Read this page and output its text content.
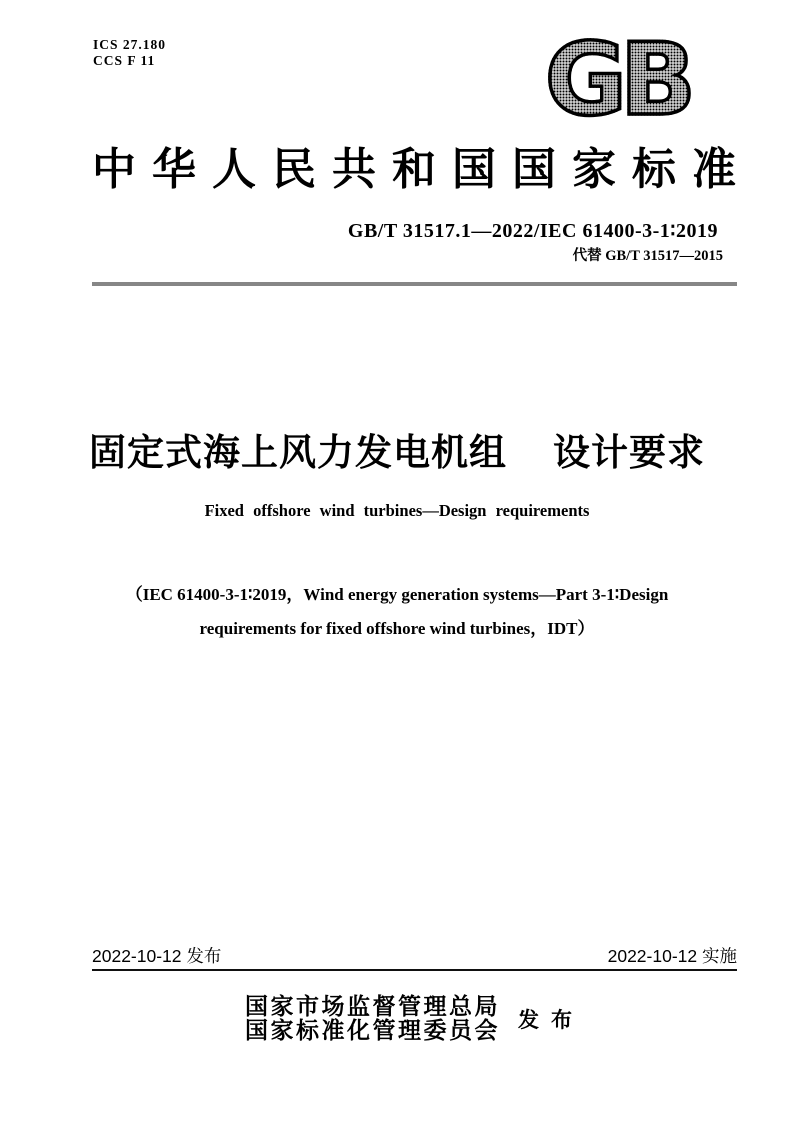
ICS 27.180
CCS F 11	GB
中华人民共和国国家标准
GB/T 31517.1—2022/IEC 61400-3-1∶2019
代替 GB/T 31517—2015
固定式海上风力发电机组 设计要求
Fixed offshore wind turbines—Design requirements
（IEC 61400-3-1∶2019，Wind energy generation systems—Part 3-1∶Design
requirements for fixed offshore wind turbines，IDT）
2022-10-12 发布	2022-10-12 实施
国家市场监督管理总局
国家标准化管理委员会 发布
